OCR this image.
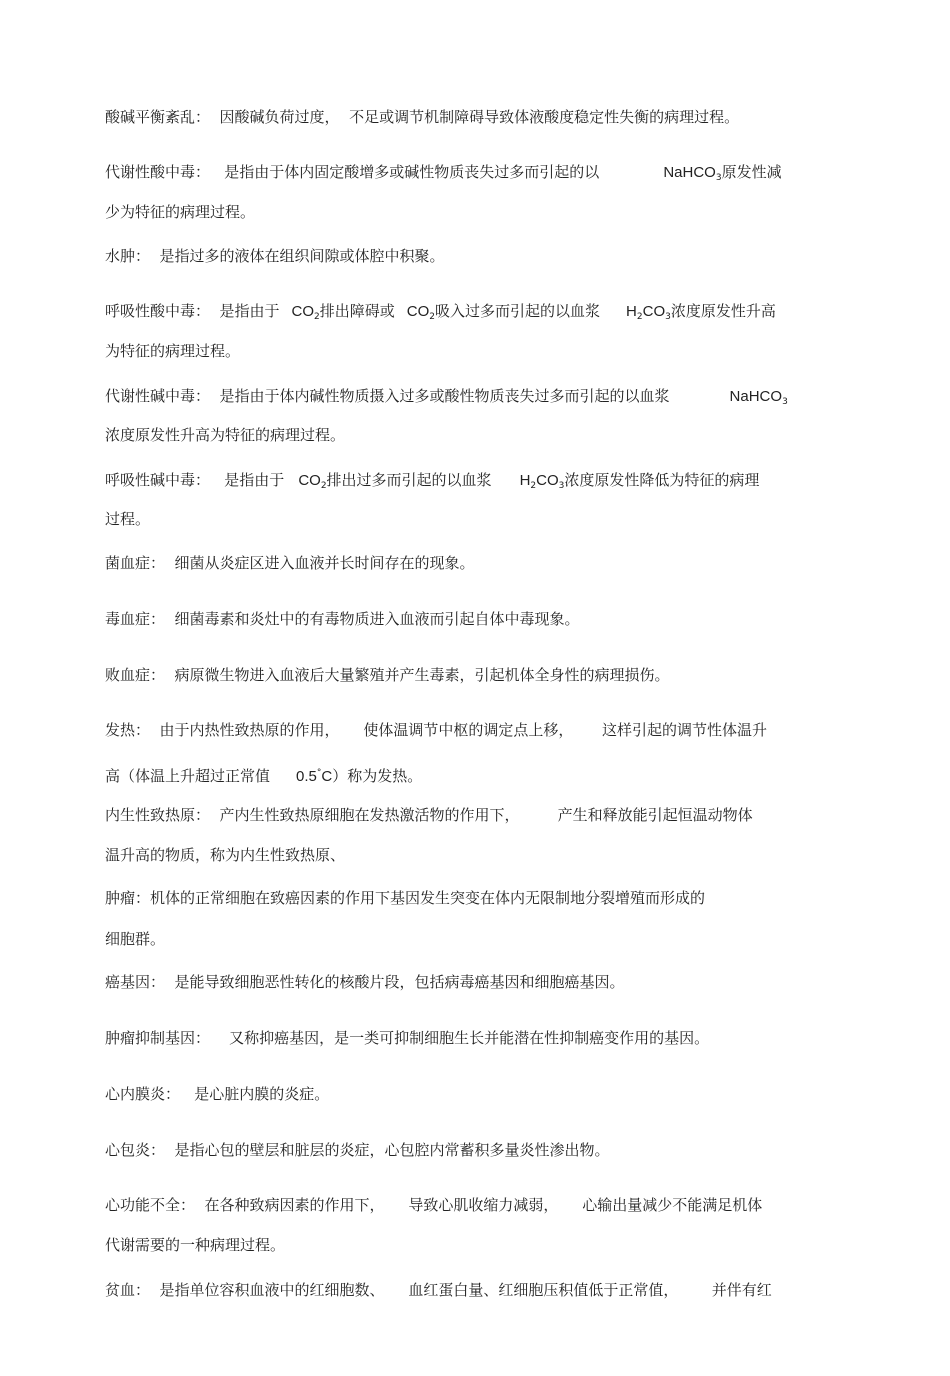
酸碱平衡紊乱：  因酸碱负荷过度，  不足或调节机制障碍导致体液酸度稳定性失衡的病理过程。
代谢性酸中毒：   是指由于体内固定酸增多或碱性物质丧失过多而引起的以	NaHCO$_3$原发性减
少为特征的病理过程。
水肿：  是指过多的液体在组织间隙或体腔中积聚。
呼吸性酸中毒：  是指由于 $CO_2$排出障碍或 $CO_2$吸入过多而引起的以血浆 $H_2CO_3$浓度原发性升高
为特征的病理过程。
代谢性碱中毒：  是指由于体内碱性物质摄入过多或酸性物质丧失过多而引起的以血浆	NaHCO$_3$
浓度原发性升高为特征的病理过程。
呼吸性碱中毒：   是指由于 $CO_2$排出过多而引起的以血浆 $H_2CO_3$浓度原发性降低为特征的病理
过程。
菌血症：  细菌从炎症区进入血液并长时间存在的现象。
毒血症：  细菌毒素和炎灶中的有毒物质进入血液而引起自体中毒现象。
败血症：  病原微生物进入血液后大量繁殖并产生毒素，引起机体全身性的病理损伤。
发热：  由于内热性致热原的作用，     使体温调节中枢的调定点上移，      这样引起的调节性体温升
高（体温上升超过正常值 0.5°C）称为发热。
内生性致热原：  产内生性致热原细胞在发热激活物的作用下，        产生和释放能引起恒温动物体
温升高的物质，称为内生性致热原、
肿瘤：机体的正常细胞在致癌因素的作用下基因发生突变在体内无限制地分裂增殖而形成的
细胞群。
癌基因：  是能导致细胞恶性转化的核酸片段，包括病毒癌基因和细胞癌基因。
肿瘤抑制基因：    又称抑癌基因，是一类可抑制细胞生长并能潜在性抑制癌变作用的基因。
心内膜炎：   是心脏内膜的炎症。
心包炎：  是指心包的壁层和脏层的炎症，心包腔内常蓄积多量炎性渗出物。
心功能不全：  在各种致病因素的作用下，     导致心肌收缩力减弱，     心输出量减少不能满足机体
代谢需要的一种病理过程。
贫血：  是指单位容积血液中的红细胞数、     血红蛋白量、红细胞压积值低于正常值，       并伴有红
